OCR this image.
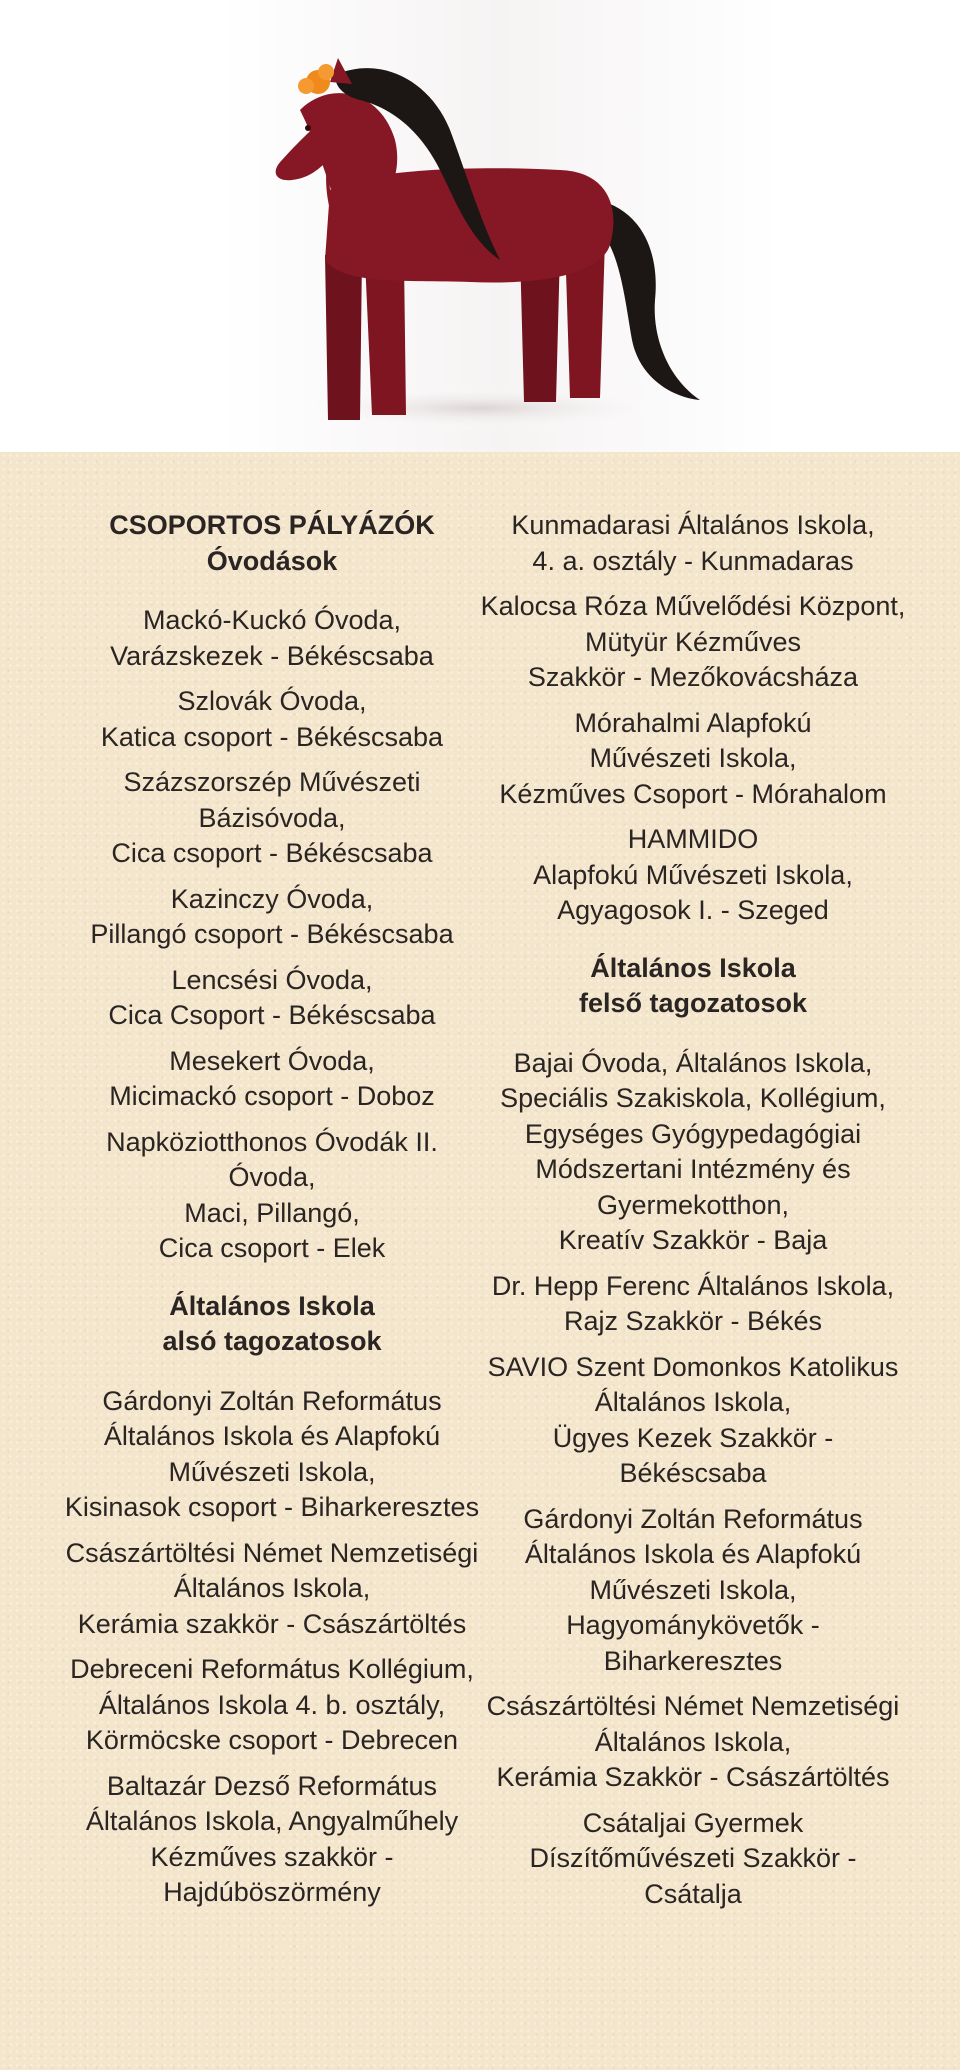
CSOPORTOS PÁLYÁZÓK
Óvodások
Mackó-Kuckó Óvoda,
Varázskezek - Békéscsaba
Szlovák Óvoda,
Katica csoport - Békéscsaba
Százszorszép Művészeti
Bázisóvoda,
Cica csoport - Békéscsaba
Kazinczy Óvoda,
Pillangó csoport - Békéscsaba
Lencsési Óvoda,
Cica Csoport - Békéscsaba
Mesekert Óvoda,
Micimackó csoport - Doboz
Napköziotthonos Óvodák II. Óvoda,
Maci, Pillangó,
Cica csoport - Elek
Általános Iskola
alsó tagozatosok
Gárdonyi Zoltán Református
Általános Iskola és Alapfokú
Művészeti Iskola,
Kisinasok csoport - Biharkeresztes
Császártöltési Német Nemzetiségi
Általános Iskola,
Kerámia szakkör - Császártöltés
Debreceni Református Kollégium,
Általános Iskola 4. b. osztály,
Körmöcske csoport - Debrecen
Baltazár Dezső Református
Általános Iskola, Angyalműhely
Kézműves szakkör -
Hajdúböszörmény
Kunmadarasi Általános Iskola,
4. a. osztály - Kunmadaras
Kalocsa Róza Művelődési Központ,
Mütyür Kézműves
Szakkör - Mezőkovácsháza
Mórahalmi Alapfokú
Művészeti Iskola,
Kézműves Csoport - Mórahalom
HAMMIDO
Alapfokú Művészeti Iskola,
Agyagosok I. - Szeged
Általános Iskola
felső tagozatosok
Bajai Óvoda, Általános Iskola,
Speciális Szakiskola, Kollégium,
Egységes Gyógypedagógiai
Módszertani Intézmény és
Gyermekotthon,
Kreatív Szakkör - Baja
Dr. Hepp Ferenc Általános Iskola,
Rajz Szakkör - Békés
SAVIO Szent Domonkos Katolikus
Általános Iskola,
Ügyes Kezek Szakkör - Békéscsaba
Gárdonyi Zoltán Református
Általános Iskola és Alapfokú
Művészeti Iskola,
Hagyománykövetők - Biharkeresztes
Császártöltési Német Nemzetiségi
Általános Iskola,
Kerámia Szakkör - Császártöltés
Csátaljai Gyermek
Díszítőművészeti Szakkör -
Csátalja
